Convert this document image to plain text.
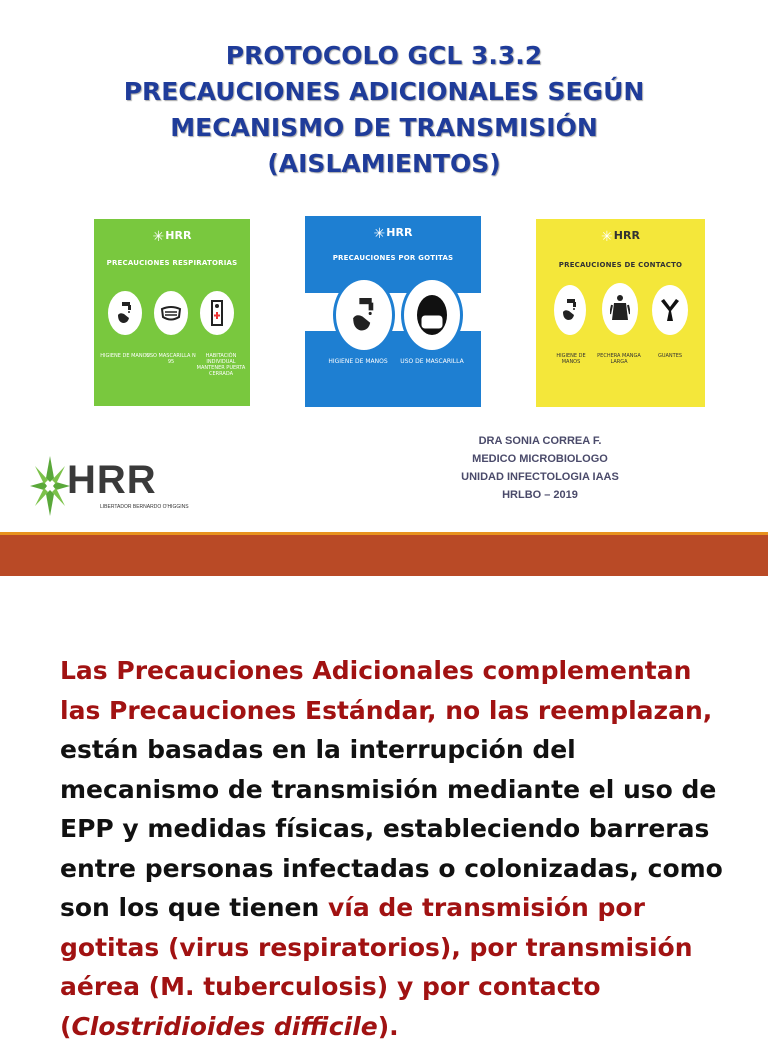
PROTOCOLO GCL 3.3.2
PRECAUCIONES ADICIONALES SEGÚN
MECANISMO DE TRANSMISIÓN
(AISLAMIENTOS)
✳HRR
PRECAUCIONES RESPIRATORIAS
HIGIENE DE MANOS
USO MASCARILLA N 95
HABITACIÓN INDIVIDUAL MANTENER PUERTA CERRADA
✳HRR
PRECAUCIONES POR GOTITAS
HIGIENE DE MANOS	USO DE MASCARILLA
✳HRR
PRECAUCIONES DE CONTACTO
HIGIENE DE MANOS
PECHERA MANGA LARGA
GUANTES
HRR
LIBERTADOR BERNARDO O'HIGGINS
DRA SONIA CORREA F.
MEDICO MICROBIOLOGO
UNIDAD INFECTOLOGIA IAAS
HRLBO – 2019
Las Precauciones Adicionales complementan
las Precauciones Estándar, no las reemplazan,
están basadas en la interrupción del
mecanismo de transmisión mediante el uso de
EPP y medidas físicas, estableciendo barreras
entre personas infectadas o colonizadas, como
son los que tienen vía de transmisión por
gotitas (virus respiratorios), por transmisión
aérea (M. tuberculosis) y por contacto
(Clostridioides difficile).
